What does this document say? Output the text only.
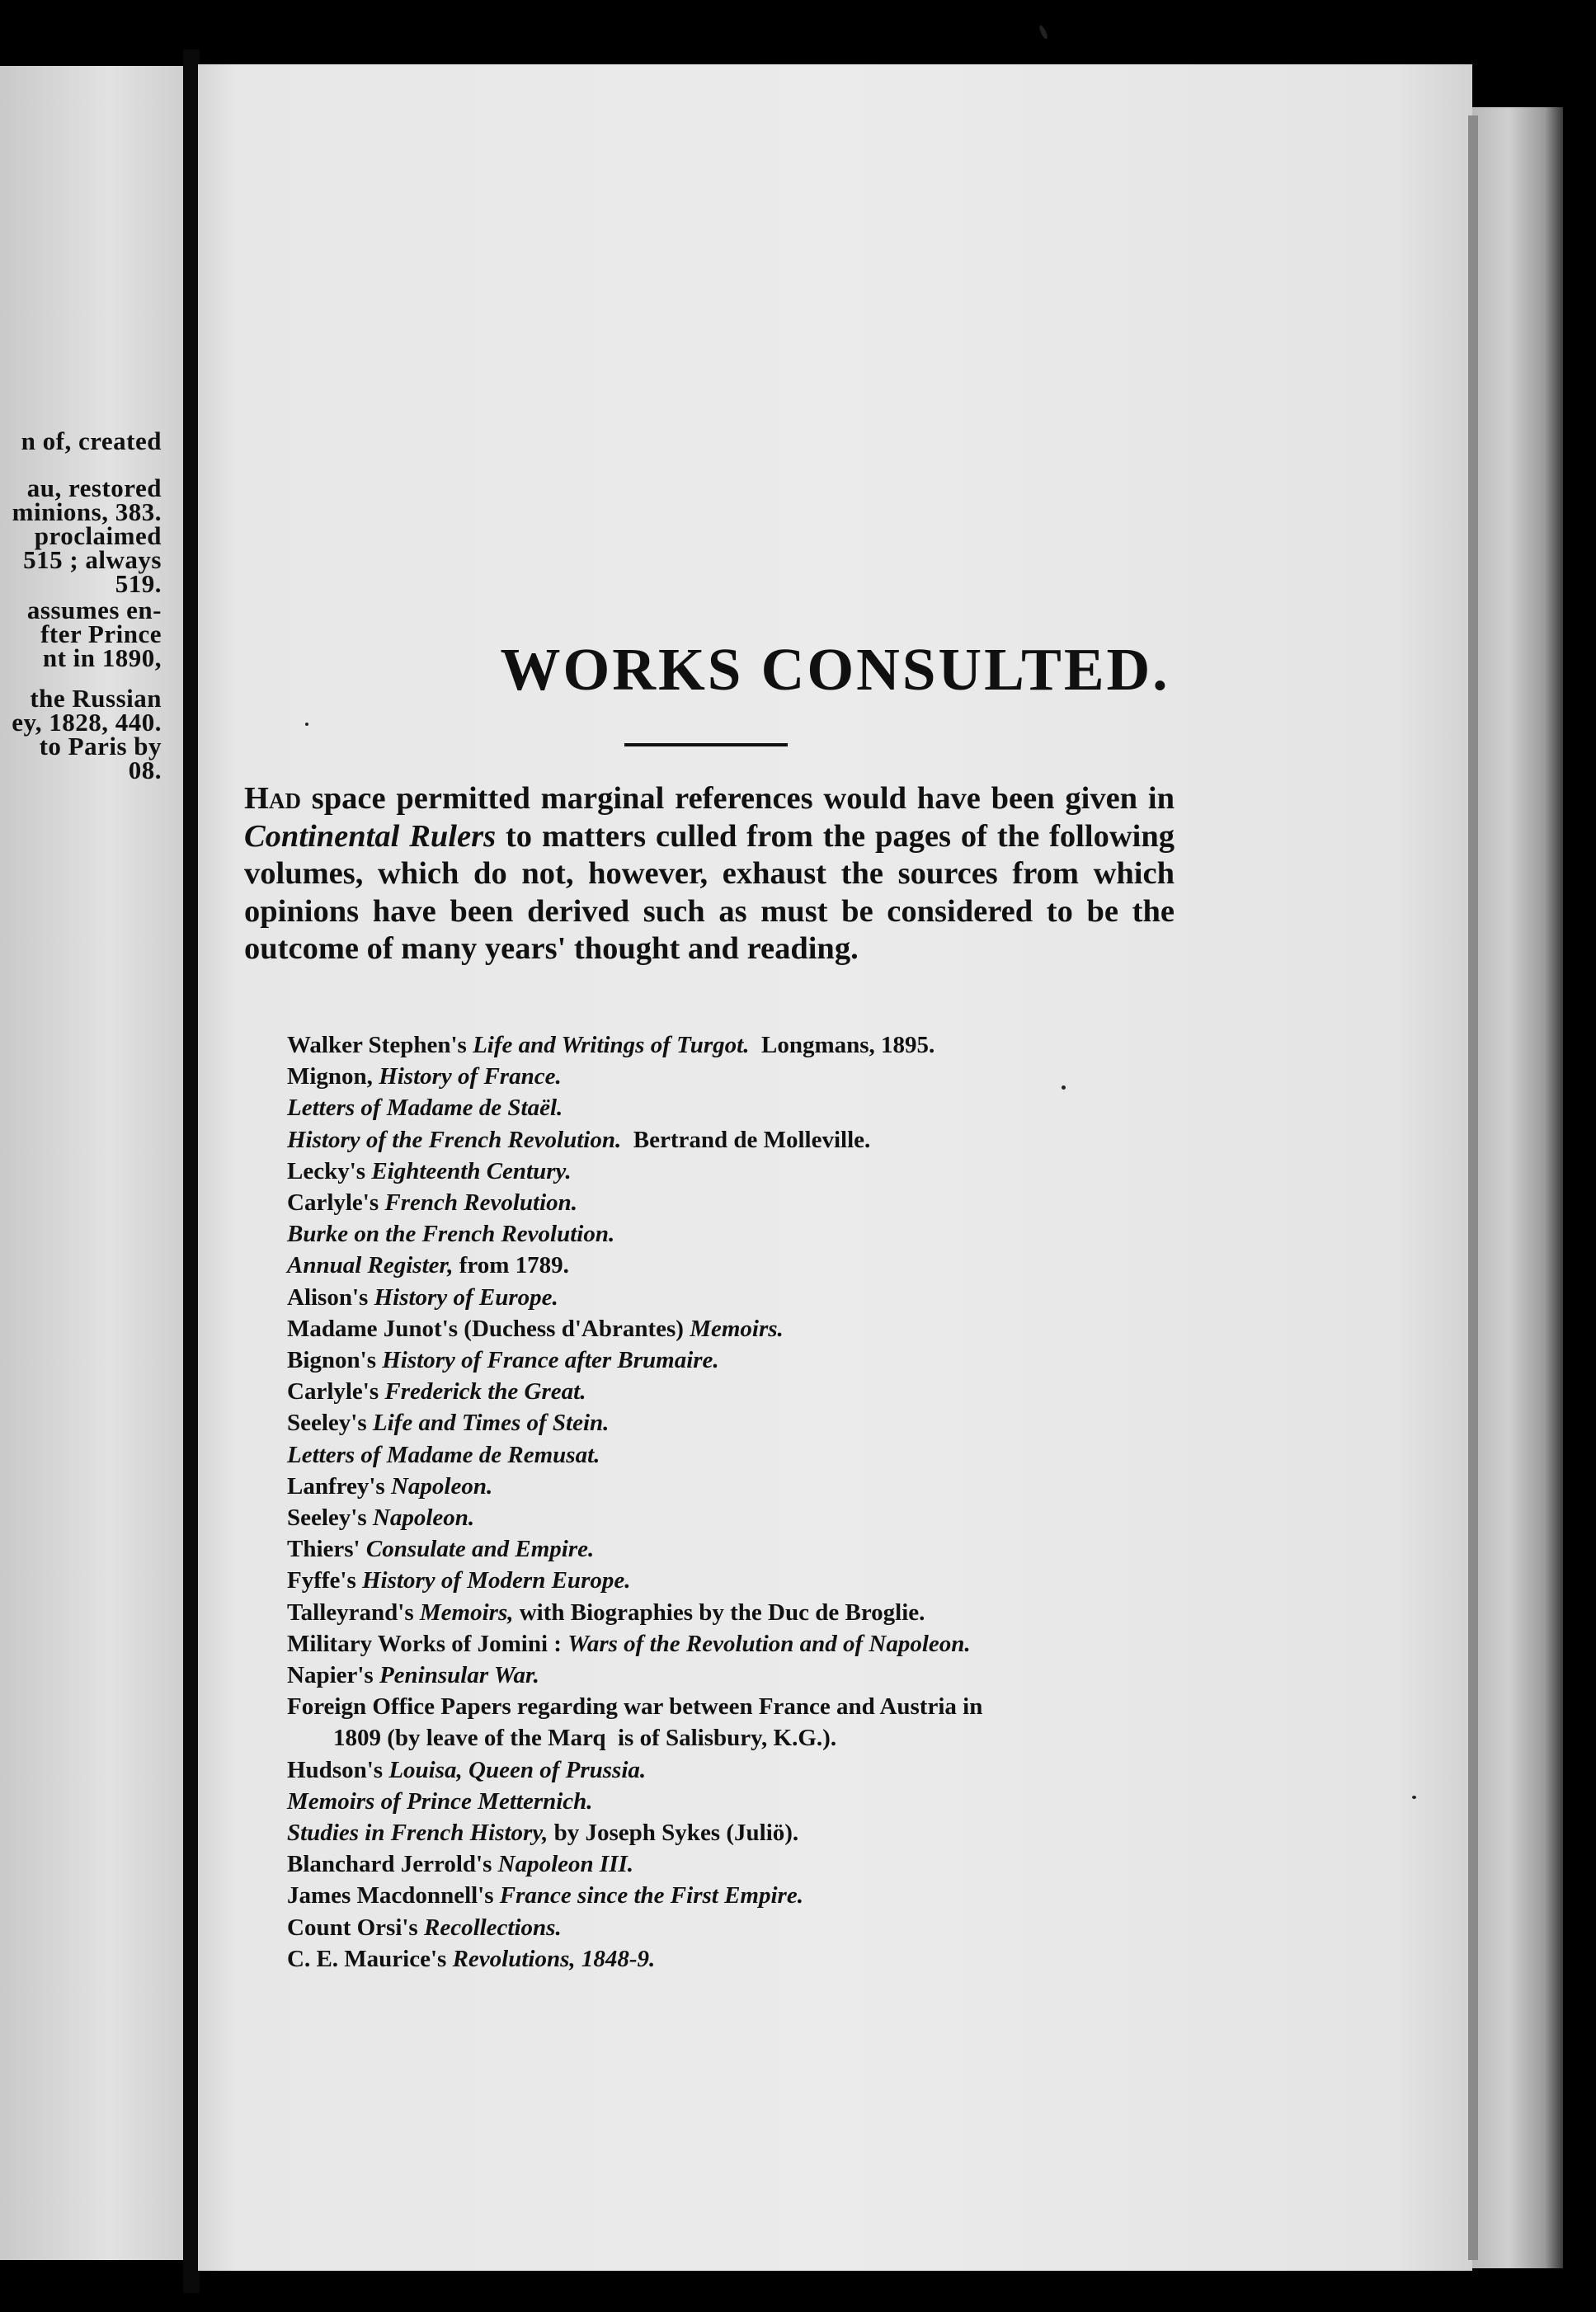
n of, created
au, restored
minions, 383.
proclaimed
515 ; always
519.
assumes en-
fter Prince
nt in 1890,
the Russian
ey, 1828, 440.
to Paris by
08.
WORKS CONSULTED.

Had space permitted marginal references would have been given in Continental Rulers to matters culled from the pages of the following volumes, which do not, however, exhaust the sources from which opinions have been derived such as must be considered to be the outcome of many years' thought and reading.

Walker Stephen's Life and Writings of Turgot.  Longmans, 1895.
Mignon, History of France.
Letters of Madame de Staël.
History of the French Revolution.  Bertrand de Molleville.
Lecky's Eighteenth Century.
Carlyle's French Revolution.
Burke on the French Revolution.
Annual Register, from 1789.
Alison's History of Europe.
Madame Junot's (Duchess d'Abrantes) Memoirs.
Bignon's History of France after Brumaire.
Carlyle's Frederick the Great.
Seeley's Life and Times of Stein.
Letters of Madame de Remusat.
Lanfrey's Napoleon.
Seeley's Napoleon.
Thiers' Consulate and Empire.
Fyffe's History of Modern Europe.
Talleyrand's Memoirs, with Biographies by the Duc de Broglie.
Military Works of Jomini : Wars of the Revolution and of Napoleon.
Napier's Peninsular War.
Foreign Office Papers regarding war between France and Austria in
1809 (by leave of the Marq  is of Salisbury, K.G.).
Hudson's Louisa, Queen of Prussia.
Memoirs of Prince Metternich.
Studies in French History, by Joseph Sykes (Juliö).
Blanchard Jerrold's Napoleon III.
James Macdonnell's France since the First Empire.
Count Orsi's Recollections.
C. E. Maurice's Revolutions, 1848-9.
